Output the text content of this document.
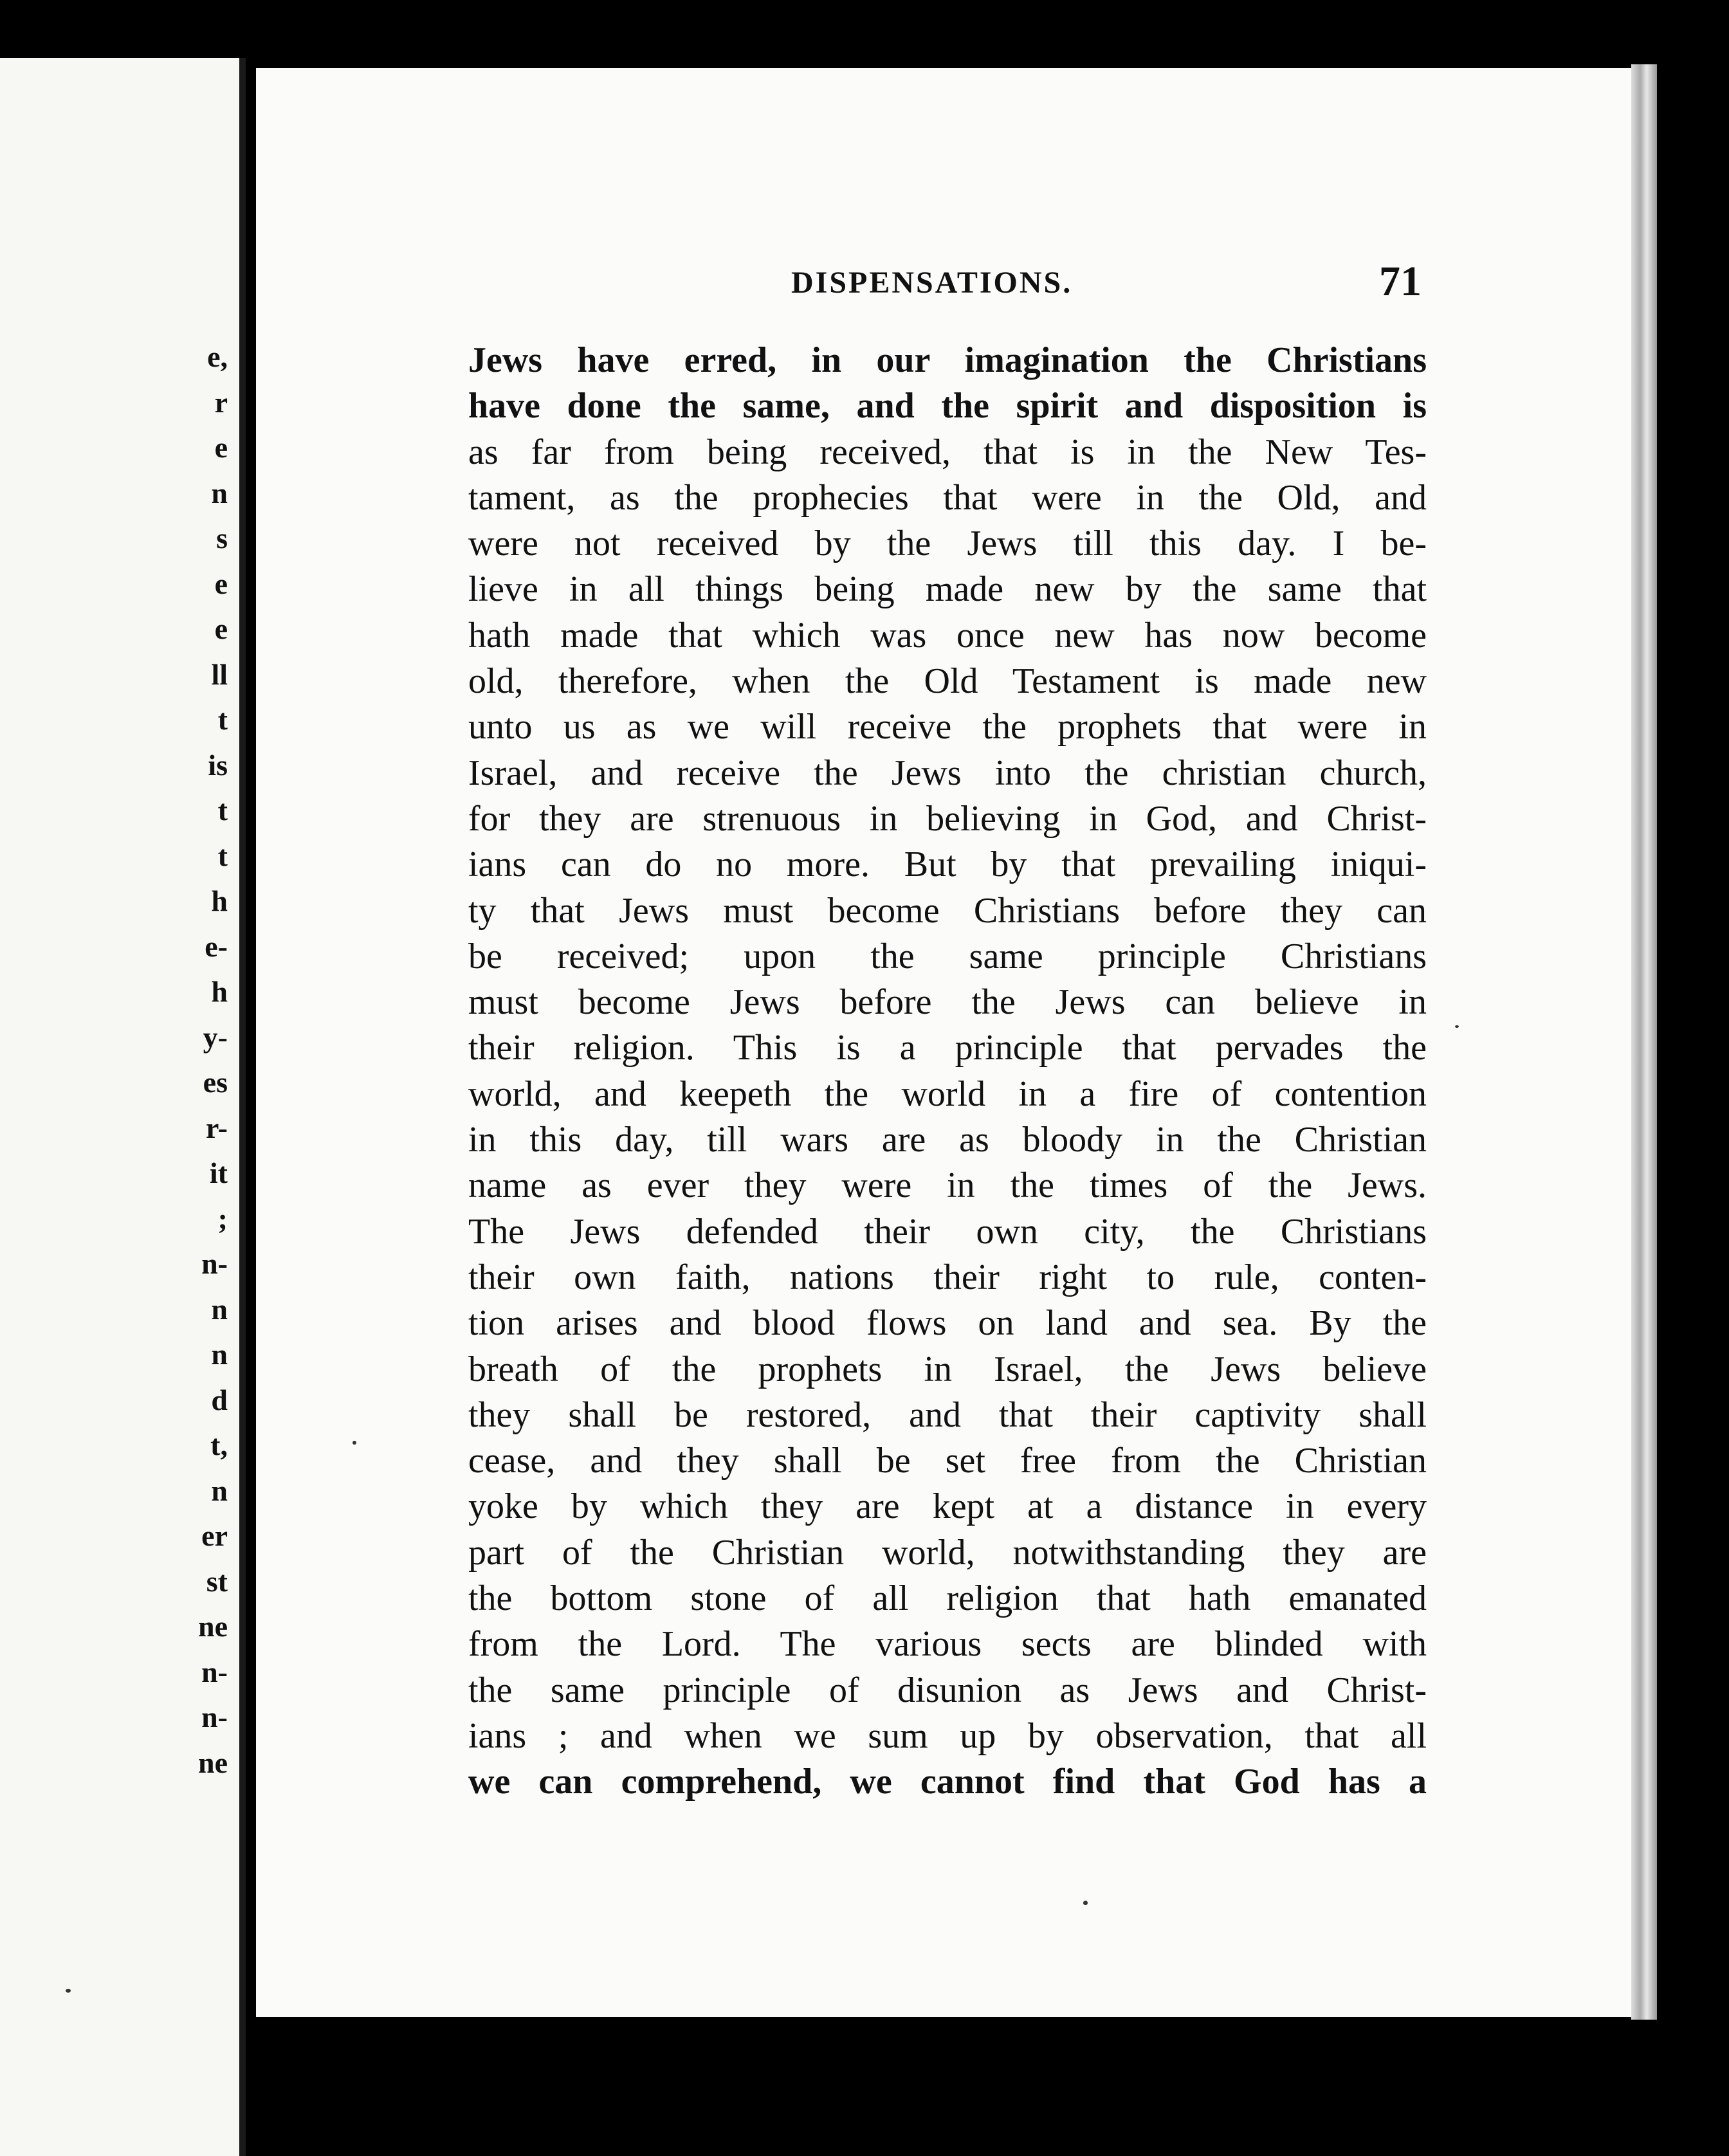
e,
r
e
n
s
e
e
ll
t
is
t
t
h
e-
h
y-
es
r-
it
;
n-
n
n
d
t,
n
er
st
ne
n-
n-
ne
DISPENSATIONS.	71
Jews have erred, in our imagination the Christians
have done the same, and the spirit and disposition is
as far from being received, that is in the New Tes-
tament, as the prophecies that were in the Old, and
were not received by the Jews till this day. I be-
lieve in all things being made new by the same that
hath made that which was once new has now become
old, therefore, when the Old Testament is made new
unto us as we will receive the prophets that were in
Israel, and receive the Jews into the christian church,
for they are strenuous in believing in God, and Christ-
ians can do no more. But by that prevailing iniqui-
ty that Jews must become Christians before they can
be received; upon the same principle Christians
must become Jews before the Jews can believe in
their religion. This is a principle that pervades the
world, and keepeth the world in a fire of contention
in this day, till wars are as bloody in the Christian
name as ever they were in the times of the Jews.
The Jews defended their own city, the Christians
their own faith, nations their right to rule, conten-
tion arises and blood flows on land and sea. By the
breath of the prophets in Israel, the Jews believe
they shall be restored, and that their captivity shall
cease, and they shall be set free from the Christian
yoke by which they are kept at a distance in every
part of the Christian world, notwithstanding they are
the bottom stone of all religion that hath emanated
from the Lord. The various sects are blinded with
the same principle of disunion as Jews and Christ-
ians ; and when we sum up by observation, that all
we can comprehend, we cannot find that God has a
